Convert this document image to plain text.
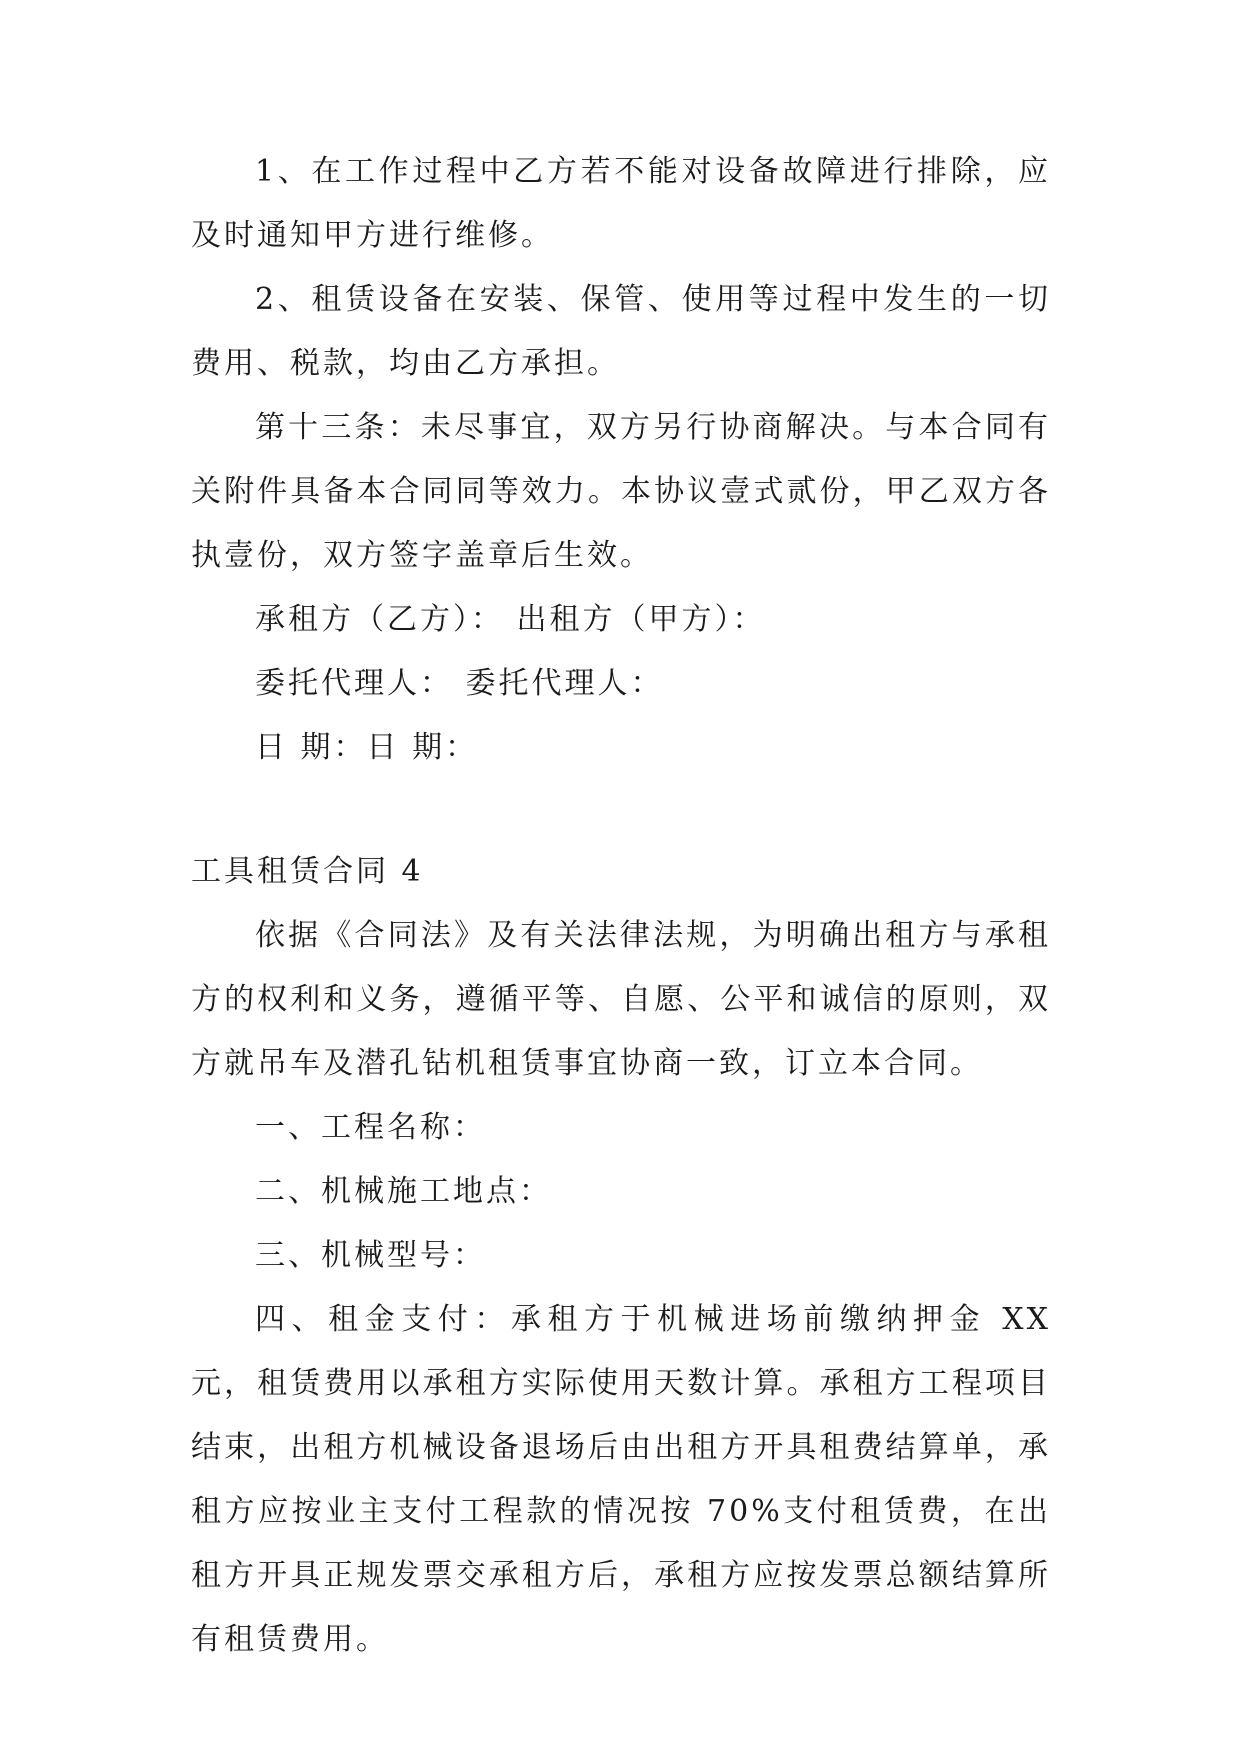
1、在工作过程中乙方若不能对设备故障进行排除，应及时通知甲方进行维修。

2、租赁设备在安装、保管、使用等过程中发生的一切费用、税款，均由乙方承担。

第十三条：未尽事宜，双方另行协商解决。与本合同有关附件具备本合同同等效力。本协议壹式贰份，甲乙双方各执壹份，双方签字盖章后生效。

承租方（乙方）： 出租方（甲方）：

委托代理人： 委托代理人：

日 期：日 期：

工具租赁合同 4

依据《合同法》及有关法律法规，为明确出租方与承租方的权利和义务，遵循平等、自愿、公平和诚信的原则，双方就吊车及潜孔钻机租赁事宜协商一致，订立本合同。

一、工程名称：

二、机械施工地点：

三、机械型号：

四、租金支付：承租方于机械进场前缴纳押金 XX 元，租赁费用以承租方实际使用天数计算。承租方工程项目结束，出租方机械设备退场后由出租方开具租费结算单，承租方应按业主支付工程款的情况按 70%支付租赁费，在出租方开具正规发票交承租方后，承租方应按发票总额结算所有租赁费用。
